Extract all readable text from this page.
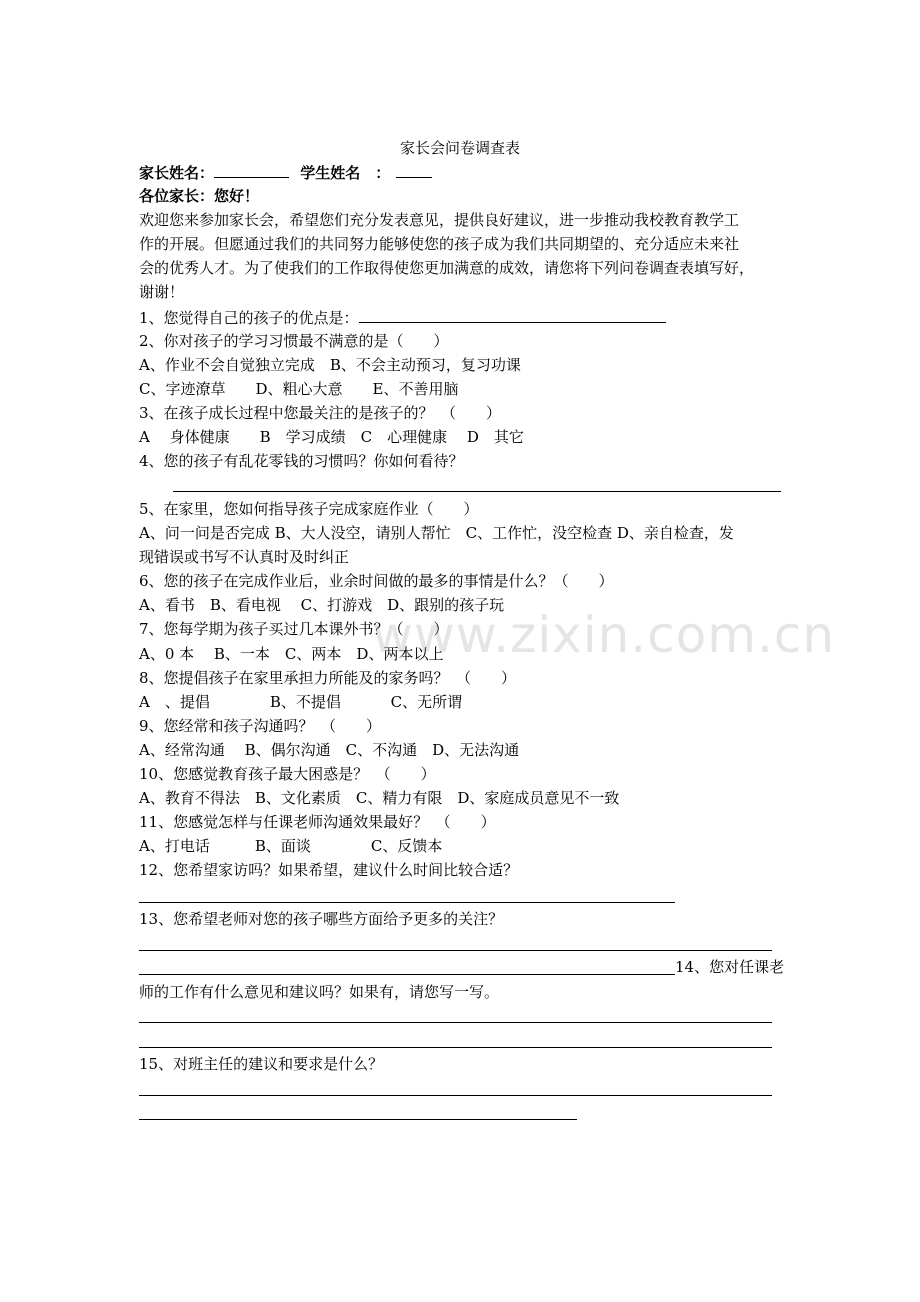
家长会问卷调查表
家长姓名：	学生姓名　：
各位家长：您好！
欢迎您来参加家长会，希望您们充分发表意见，提供良好建议，进一步推动我校教育教学工
作的开展。但愿通过我们的共同努力能够使您的孩子成为我们共同期望的、充分适应未来社
会的优秀人才。为了使我们的工作取得使您更加满意的成效，请您将下列问卷调查表填写好，
谢谢！
1、您觉得自己的孩子的优点是：
2、你对孩子的学习习惯最不满意的是（　　）
A、作业不会自觉独立完成　B、不会主动预习，复习功课
C、字迹潦草　　D、粗心大意　　E、不善用脑
3、在孩子成长过程中您最关注的是孩子的？　（　　）
A　 身体健康　　B　学习成绩　C　心理健康　 D　其它
4、您的孩子有乱花零钱的习惯吗？你如何看待？
5、在家里，您如何指导孩子完成家庭作业（　　）
A、问一问是否完成 B、大人没空，请别人帮忙　C、工作忙，没空检查 D、亲自检查，发
现错误或书写不认真时及时纠正
6、您的孩子在完成作业后，业余时间做的最多的事情是什么？（　　）
A、看书　B、看电视　 C、打游戏　D、跟别的孩子玩
7、您每学期为孩子买过几本课外书？（　　）
A、0 本　 B、一本　C、两本　D、两本以上
8、您提倡孩子在家里承担力所能及的家务吗？　（　　）
A　、提倡　　　　B、不提倡　　　 C、无所谓
9、您经常和孩子沟通吗？　（　　）
A、经常沟通　 B、偶尔沟通　C、不沟通　D、无法沟通
10、您感觉教育孩子最大困惑是？　（　　）
A、教育不得法　B、文化素质　C、精力有限　D、家庭成员意见不一致
11、您感觉怎样与任课老师沟通效果最好？　（　　）
A、打电话　　　B、面谈　　　　C、反馈本
12、您希望家访吗？如果希望，建议什么时间比较合适？
13、您希望老师对您的孩子哪些方面给予更多的关注？
14、您对任课老
师的工作有什么意见和建议吗？如果有，请您写一写。
15、对班主任的建议和要求是什么？
www.zixin.com.cn
